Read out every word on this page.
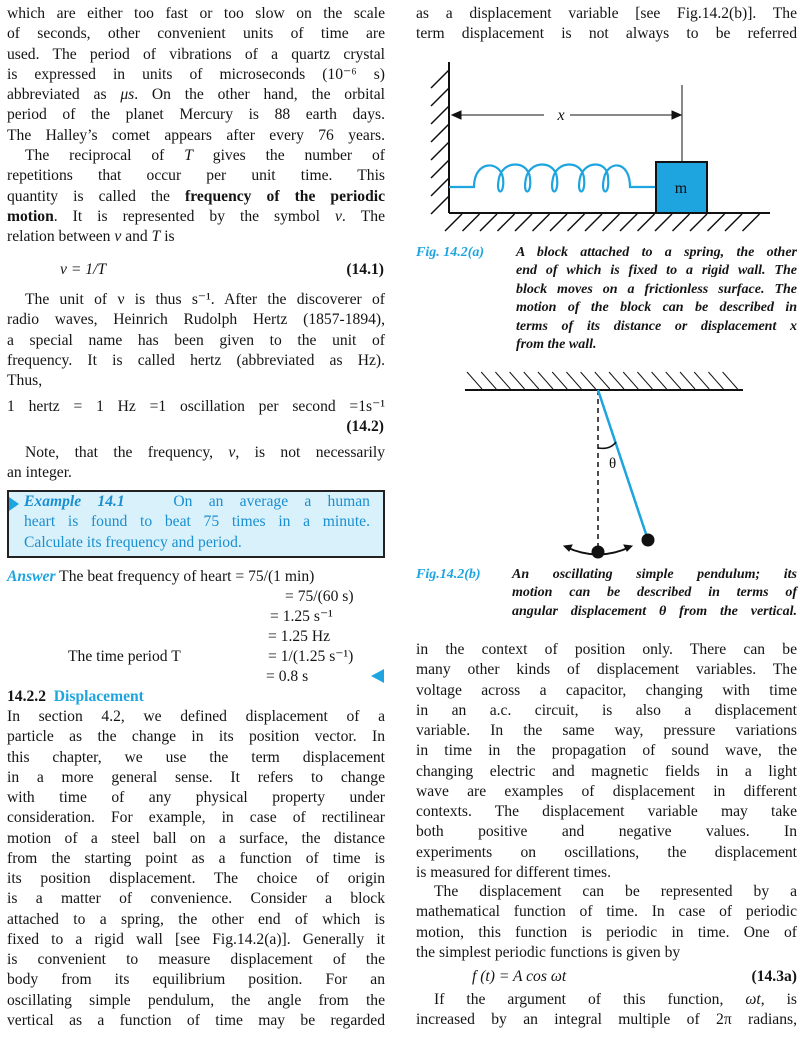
which are either too fast or too slow on the scale
of seconds, other convenient units of time are
used. The period of vibrations of a quartz crystal
is expressed in units of microseconds (10⁻⁶ s)
abbreviated as μs. On the other hand, the orbital
period of the planet Mercury is 88 earth days.
The Halley’s comet appears after every 76 years.
The reciprocal of T gives the number of
repetitions that occur per unit time. This
quantity is called the frequency of the periodic
motion. It is represented by the symbol ν. The
relation between ν and T is
ν = 1/T	(14.1)
The unit of ν is thus s⁻¹. After the discoverer of
radio waves, Heinrich Rudolph Hertz (1857-1894),
a special name has been given to the unit of
frequency. It is called hertz (abbreviated as Hz).
Thus,
1 hertz = 1 Hz =1 oscillation per second =1s⁻¹
(14.2)
Note, that the frequency, ν, is not necessarily
an integer.
Example 14.1	On an average a human
heart is found to beat 75 times in a minute.
Calculate its frequency and period.
Answer The beat frequency of heart = 75/(1 min)
= 75/(60 s)
= 1.25 s⁻¹
= 1.25 Hz
The time period T	= 1/(1.25 s⁻¹)
= 0.8 s
14.2.2 Displacement
In section 4.2, we defined displacement of a
particle as the change in its position vector. In
this chapter, we use the term displacement
in a more general sense. It refers to change
with time of any physical property under
consideration. For example, in case of rectilinear
motion of a steel ball on a surface, the distance
from the starting point as a function of time is
its position displacement. The choice of origin
is a matter of convenience. Consider a block
attached to a spring, the other end of which is
fixed to a rigid wall [see Fig.14.2(a)]. Generally it
is convenient to measure displacement of the
body from its equilibrium position. For an
oscillating simple pendulum, the angle from the
vertical as a function of time may be regarded
as a displacement variable [see Fig.14.2(b)]. The
term displacement is not always to be referred
x
m
θ
Fig. 14.2(a) A block attached to a spring, the other
end of which is fixed to a rigid wall. The
block moves on a frictionless surface. The
motion of the block can be described in
terms of its distance or displacement x
from the wall.
Fig.14.2(b) An oscillating simple pendulum; its
motion can be described in terms of
angular displacement θ from the vertical.
in the context of position only. There can be
many other kinds of displacement variables. The
voltage across a capacitor, changing with time
in an a.c. circuit, is also a displacement
variable. In the same way, pressure variations
in time in the propagation of sound wave, the
changing electric and magnetic fields in a light
wave are examples of displacement in different
contexts. The displacement variable may take
both positive and negative values. In
experiments on oscillations, the displacement
is measured for different times.
The displacement can be represented by a
mathematical function of time. In case of periodic
motion, this function is periodic in time. One of
the simplest periodic functions is given by
f (t) = A cos ωt	(14.3a)
If the argument of this function, ωt, is
increased by an integral multiple of 2π radians,
